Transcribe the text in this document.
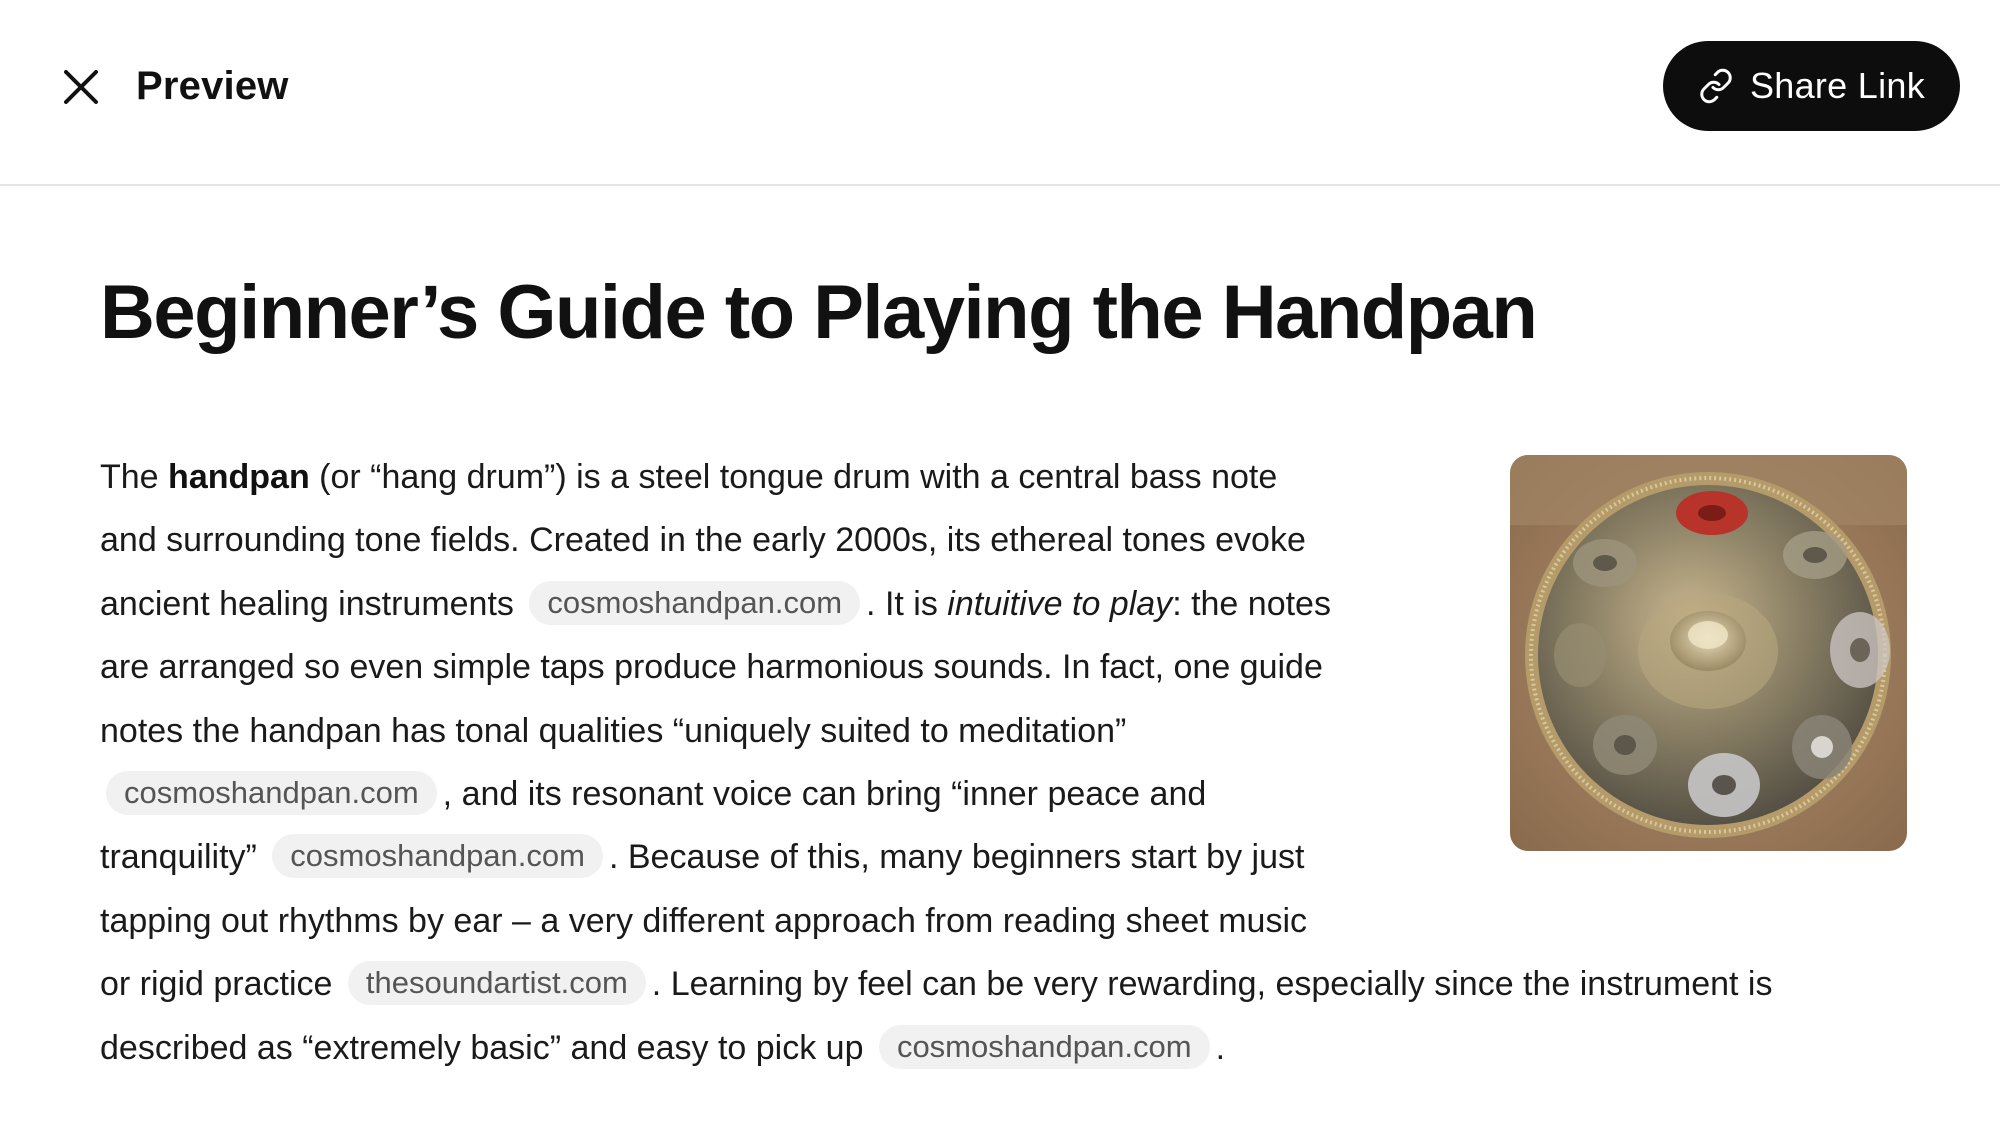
Preview	Share Link
Beginner’s Guide to Playing the Handpan
The handpan (or “hang drum”) is a steel tongue drum with a central bass note
and surrounding tone fields. Created in the early 2000s, its ethereal tones evoke
ancient healing instruments cosmoshandpan.com . It is intuitive to play: the notes
are arranged so even simple taps produce harmonious sounds. In fact, one guide
notes the handpan has tonal qualities “uniquely suited to meditation”
cosmoshandpan.com , and its resonant voice can bring “inner peace and
tranquility” cosmoshandpan.com . Because of this, many beginners start by just
tapping out rhythms by ear – a very different approach from reading sheet music
or rigid practice thesoundartist.com . Learning by feel can be very rewarding, especially since the instrument is
described as “extremely basic” and easy to pick up cosmoshandpan.com .
